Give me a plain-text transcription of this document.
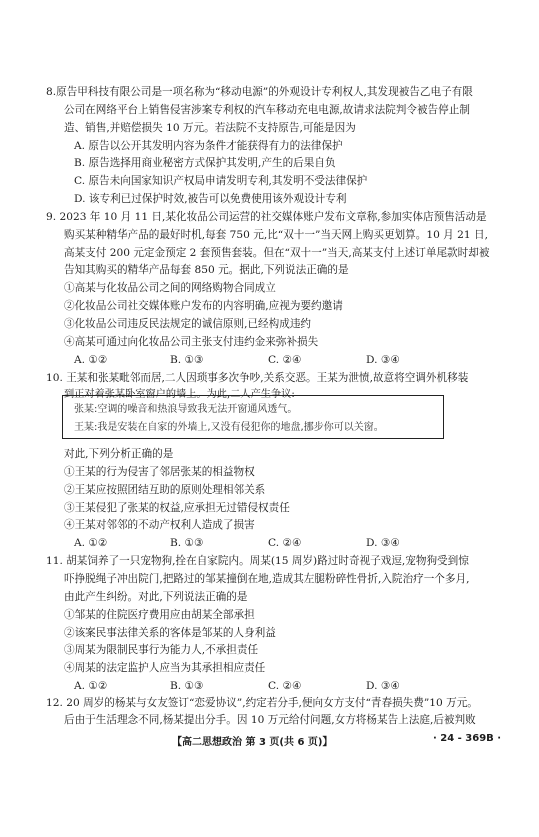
8.原告甲科技有限公司是一项名称为“移动电源”的外观设计专利权人,其发现被告乙电子有限
公司在网络平台上销售侵害涉案专利权的汽车移动充电电源,故请求法院判令被告停止制
造、销售,并赔偿损失 10 万元。若法院不支持原告,可能是因为
A. 原告以公开其发明内容为条件才能获得有力的法律保护
B. 原告选择用商业秘密方式保护其发明,产生的后果自负
C. 原告未向国家知识产权局申请发明专利,其发明不受法律保护
D. 该专利已过保护时效,被告可以免费使用该外观设计专利
9. 2023 年 10 月 11 日,某化妆品公司运营的社交媒体账户发布文章称,参加实体店预售活动是
购买某种精华产品的最好时机,每套 750 元,比“双十一”当天网上购买更划算。10 月 21 日,
高某支付 200 元定金预定 2 套预售套装。但在“双十一”当天,高某支付上述订单尾款时却被
告知其购买的精华产品每套 850 元。据此,下列说法正确的是
①高某与化妆品公司之间的网络购物合同成立
②化妆品公司社交媒体账户发布的内容明确,应视为要约邀请
③化妆品公司违反民法规定的诚信原则,已经构成违约
④高某可通过向化妆品公司主张支付违约金来弥补损失
A. ①②	B. ①③	C. ②④	D. ③④
10. 王某和张某毗邻而居,二人因琐事多次争吵,关系交恶。王某为泄愤,故意将空调外机移装
到正对着张某卧室窗户的墙上。为此,二人产生争议:
张某:空调的噪音和热浪导致我无法开窗通风透气。
王某:我是安装在自家的外墙上,又没有侵犯你的地盘,挪步你可以关窗。
对此,下列分析正确的是
①王某的行为侵害了邻居张某的相益物权
②王某应按照团结互助的原则处理相邻关系
③王某侵犯了张某的权益,应承担无过错侵权责任
④王某对邻邻的不动产权利人造成了损害
A. ①②	B. ①③	C. ②④	D. ③④
11. 胡某饲养了一只宠物狗,拴在自家院内。周某(15 周岁)路过时奇视子戏逗,宠物狗受到惊
吓挣脱绳子冲出院门,把路过的邹某撞倒在地,造成其左腿粉碎性骨折,入院治疗一个多月,
由此产生纠纷。对此,下列说法正确的是
①邹某的住院医疗费用应由胡某全部承担
②该案民事法律关系的客体是邹某的人身利益
③周某为限制民事行为能力人,不承担责任
④周某的法定监护人应当为其承担相应责任
A. ①②	B. ①③	C. ②④	D. ③④
12. 20 周岁的杨某与女友签订“恋爱协议”,约定若分手,便向女方支付“青春损失费”10 万元。
后由于生活理念不同,杨某提出分手。因 10 万元给付问题,女方将杨某告上法庭,后被判败
【高二思想政治 第 3 页(共 6 页)】	· 24 - 369B ·
